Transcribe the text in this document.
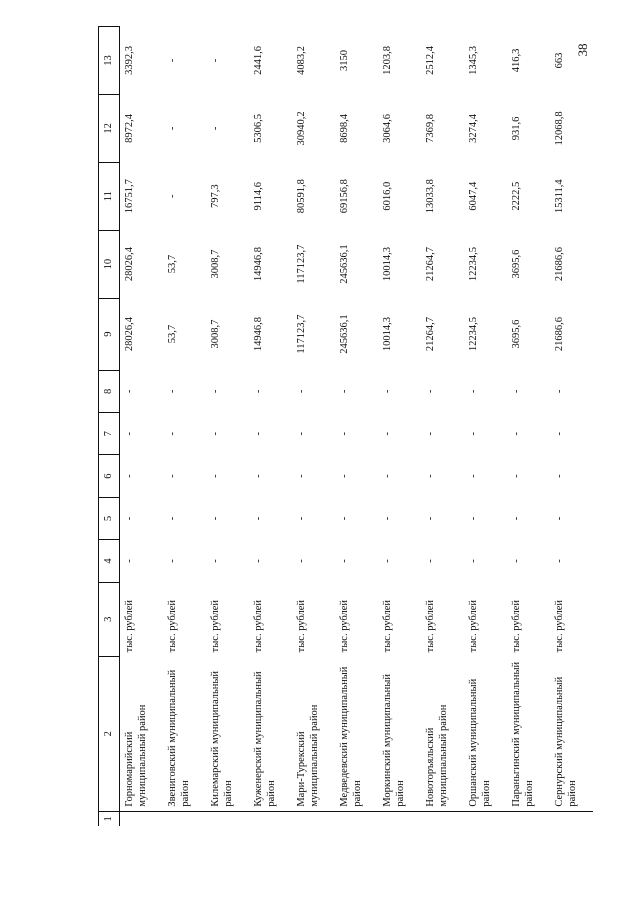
38
1	2	3	4	5	6	7	8	9	10	11	12	13
	Горномарийский муниципальный район	тыс. рублей	-	-	-	-	-	28026,4	28026,4	16751,7	8972,4	3392,3
	Звениговский муниципальный район	тыс. рублей	-	-	-	-	-	53,7	53,7	-	-	-
	Килемарский муниципальный район	тыс. рублей	-	-	-	-	-	3008,7	3008,7	797,3	-	-
	Куженерский муниципальный район	тыс. рублей	-	-	-	-	-	14946,8	14946,8	9114,6	5306,5	2441,6
	Мари-Турекский муниципальный район	тыс. рублей	-	-	-	-	-	117123,7	117123,7	80591,8	30940,2	4083,2
	Медведевский муниципальный район	тыс. рублей	-	-	-	-	-	245636,1	245636,1	69156,8	8698,4	3150
	Моркинский муниципальный район	тыс. рублей	-	-	-	-	-	10014,3	10014,3	6016,0	3064,6	1203,8
	Новоторъяльский муниципальный район	тыс. рублей	-	-	-	-	-	21264,7	21264,7	13033,8	7369,8	2512,4
	Оршанский муниципальный район	тыс. рублей	-	-	-	-	-	12234,5	12234,5	6047,4	3274,4	1345,3
	Параньгинский муниципальный район	тыс. рублей	-	-	-	-	-	3695,6	3695,6	2222,5	931,6	416,3
	Сернурский муниципальный район	тыс. рублей	-	-	-	-	-	21686,6	21686,6	15311,4	12068,8	663
